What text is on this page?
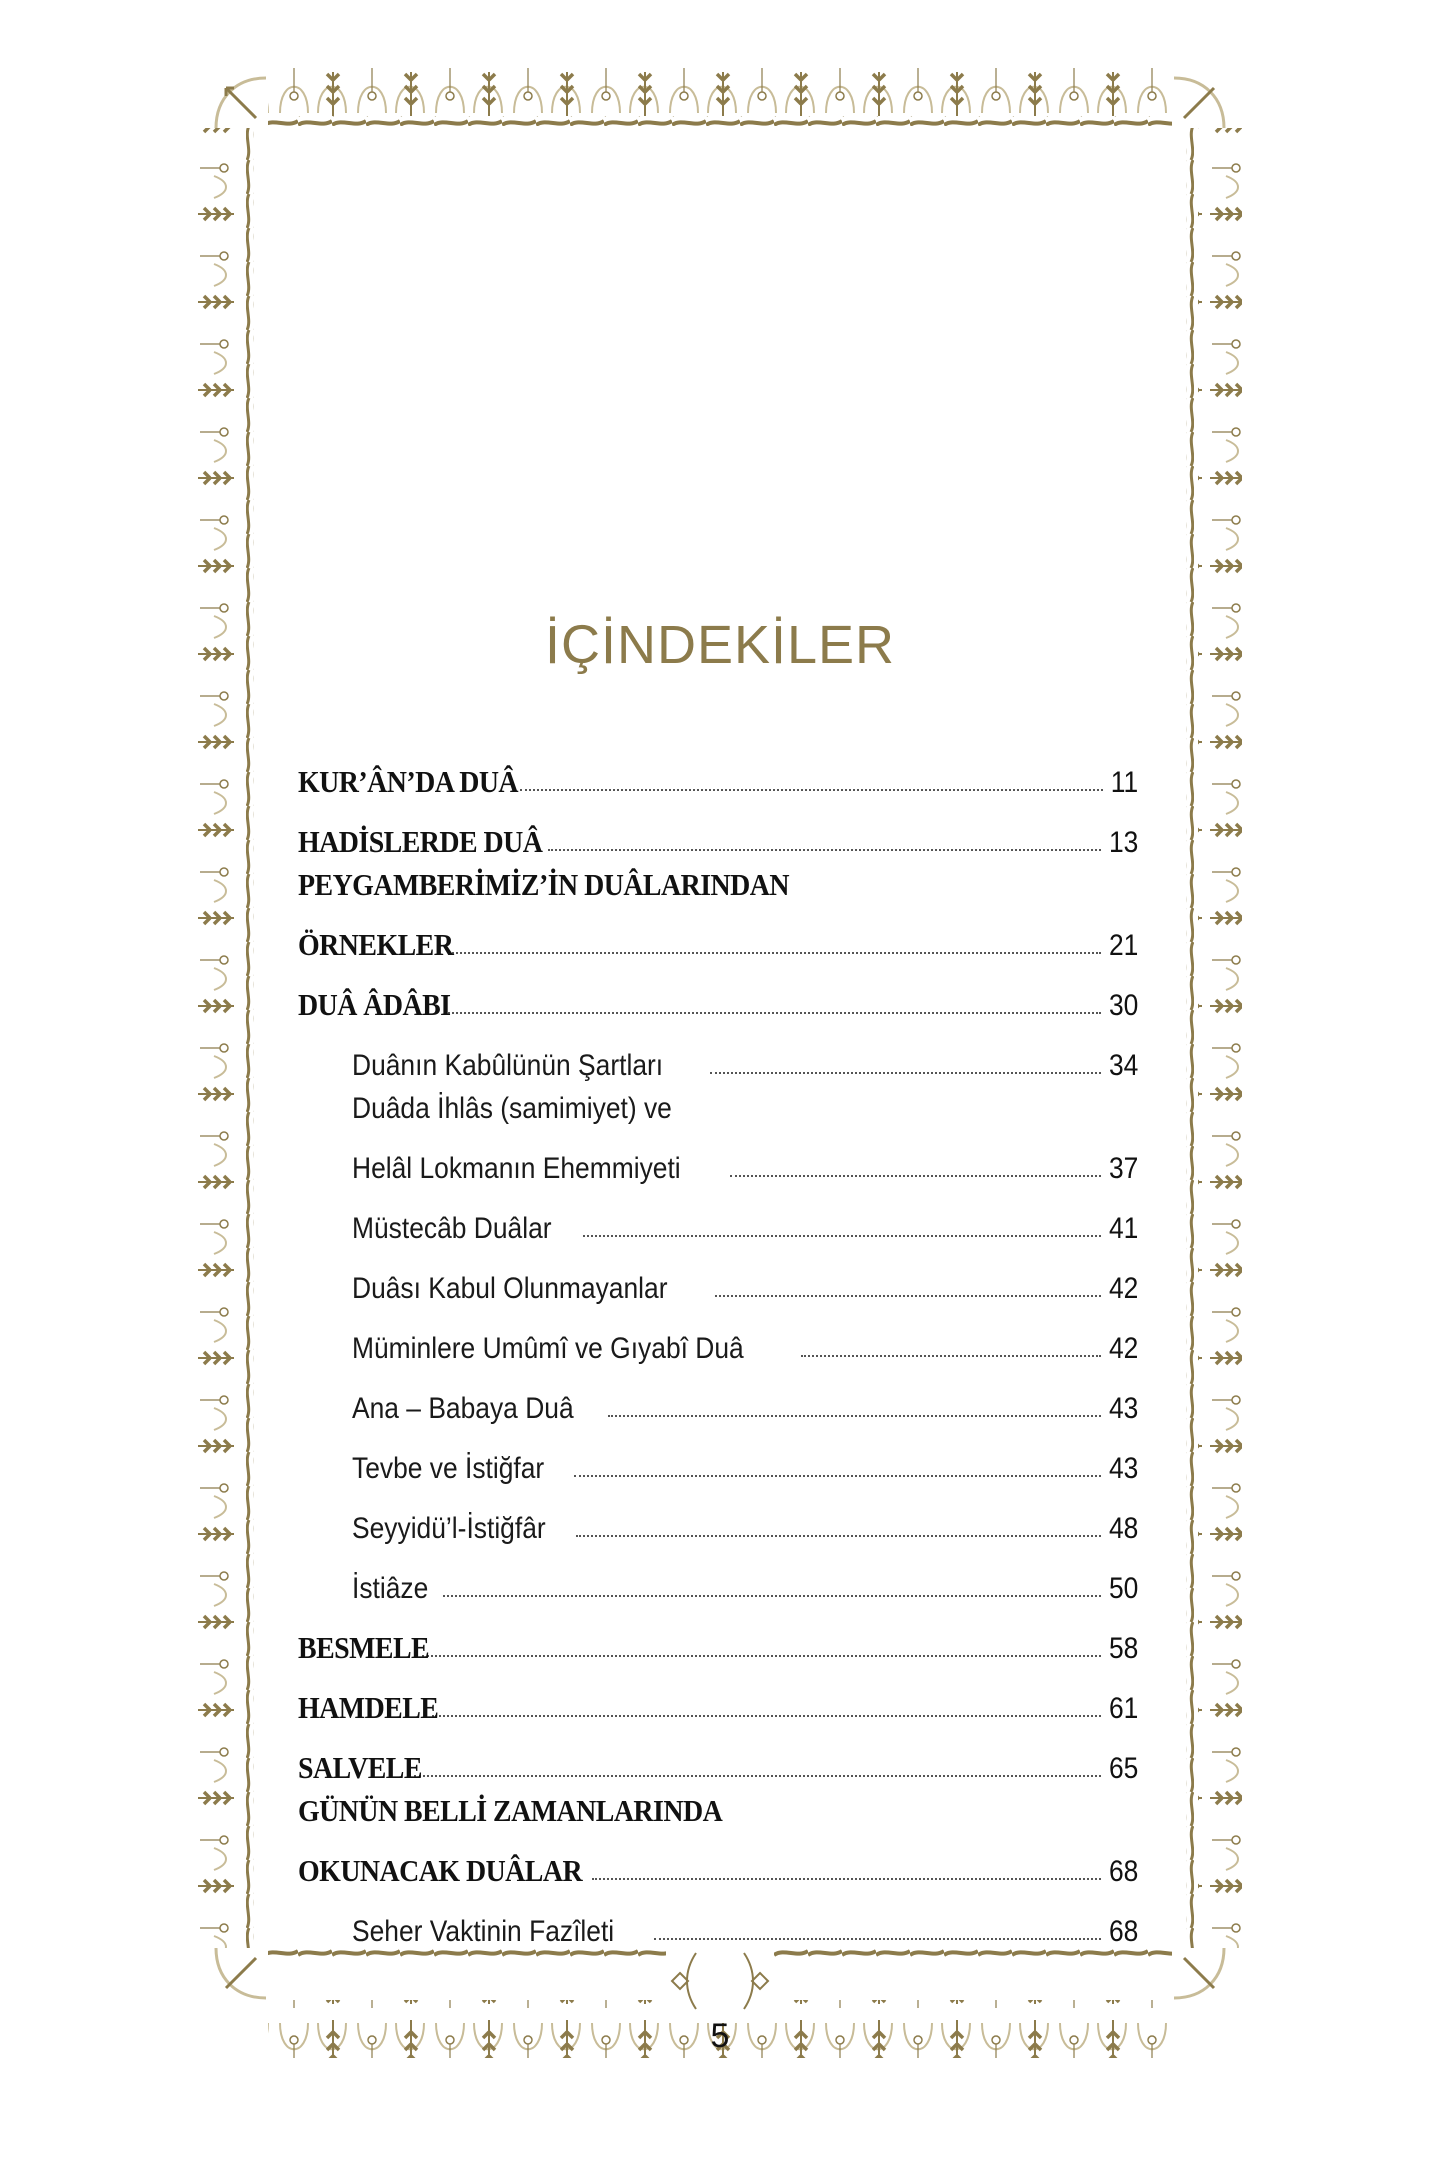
İÇİNDEKİLER
KUR’ÂN’DA DUÂ	11
HADİSLERDE DUÂ	13
PEYGAMBERİMİZ’İN DUÂLARINDAN
ÖRNEKLER	21
DUÂ ÂDÂBI	30
Duânın Kabûlünün Şartları	34
Duâda İhlâs (samimiyet) ve
Helâl Lokmanın Ehemmiyeti	37
Müstecâb Duâlar	41
Duâsı Kabul Olunmayanlar	42
Müminlere Umûmî ve Gıyabî Duâ	42
Ana – Babaya Duâ	43
Tevbe ve İstiğfar	43
Seyyidü’l-İstiğfâr	48
İstiâze	50
BESMELE	58
HAMDELE	61
SALVELE	65
GÜNÜN BELLİ ZAMANLARINDA
OKUNACAK DUÂLAR	68
Seher Vaktinin Fazîleti	68
5
